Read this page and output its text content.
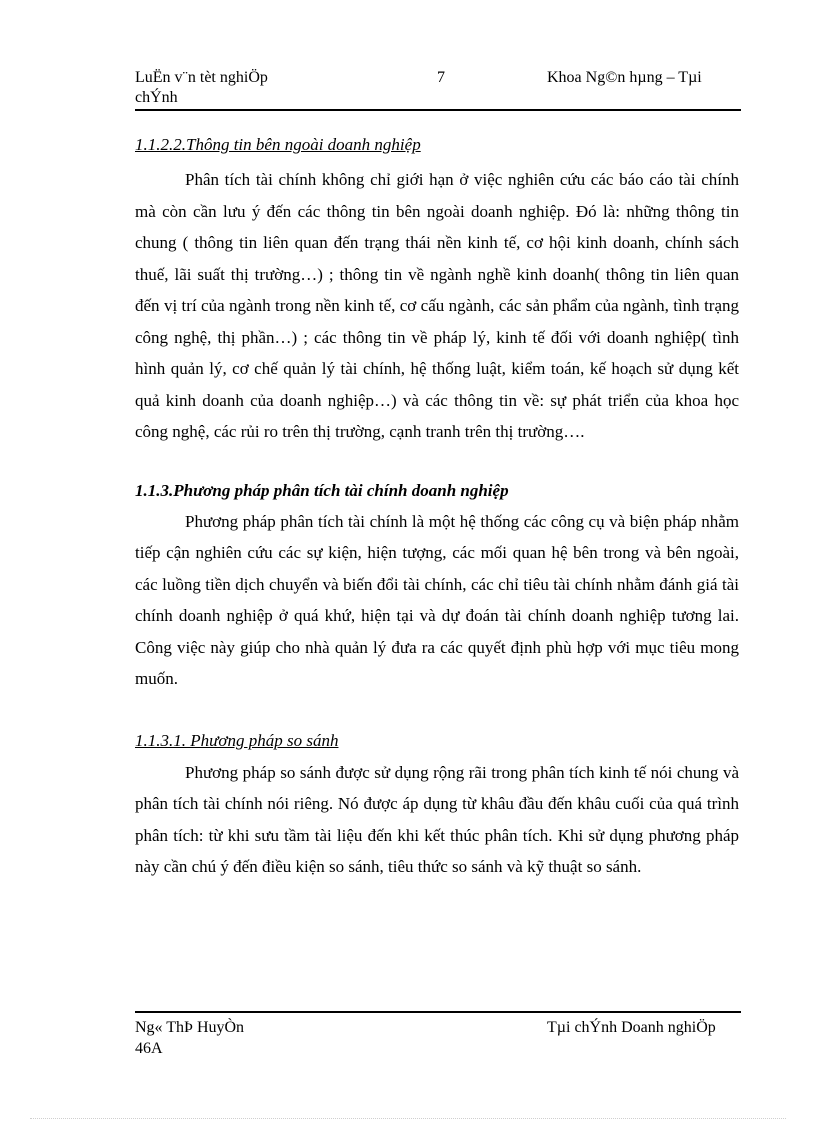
LuËn v¨n tèt nghiÖp
chÝnh
7	Khoa Ng©n hµng – Tµi
1.1.2.2.Thông tin bên ngoài doanh nghiệp

Phân tích tài chính không chỉ giới hạn ở việc nghiên cứu các báo cáo tài chính mà còn cần lưu ý đến các thông tin bên ngoài doanh nghiệp. Đó là: những thông tin chung ( thông tin liên quan đến trạng thái nền kinh tế, cơ hội kinh doanh, chính sách thuế, lãi suất thị trường…) ; thông tin về ngành nghề kinh doanh( thông tin liên quan đến vị trí của ngành trong nền kinh tế, cơ cấu ngành, các sản phẩm của ngành, tình trạng công nghệ, thị phần…) ; các thông tin về pháp lý, kinh tế đối với doanh nghiệp( tình hình quản lý, cơ chế quản lý tài chính, hệ thống luật, kiểm toán, kế hoạch sử dụng kết quả kinh doanh của doanh nghiệp…) và các thông tin về: sự phát triển của khoa học công nghệ, các rủi ro trên thị trường, cạnh tranh trên thị trường….

1.1.3.Phương pháp phân tích tài chính doanh nghiệp

Phương pháp phân tích tài chính là một hệ thống các công cụ và biện pháp nhằm tiếp cận nghiên cứu các sự kiện, hiện tượng, các mối quan hệ bên trong và bên ngoài, các luồng tiền dịch chuyển và biến đổi tài chính, các chỉ tiêu tài chính nhằm đánh giá tài chính doanh nghiệp ở quá khứ, hiện tại và dự đoán tài chính doanh nghiệp tương lai. Công việc này giúp cho nhà quản lý đưa ra các quyết định phù hợp với mục tiêu mong muốn.

1.1.3.1. Phương pháp so sánh

Phương pháp so sánh được sử dụng rộng rãi trong phân tích kinh tế nói chung và phân tích tài chính nói riêng. Nó được áp dụng từ khâu đầu đến khâu cuối của quá trình phân tích: từ khi sưu tầm tài liệu đến khi kết thúc phân tích. Khi sử dụng phương pháp này cần chú ý đến điều kiện so sánh, tiêu thức so sánh và kỹ thuật so sánh.

Ng« ThÞ HuyÒn
46A
Tµi chÝnh Doanh nghiÖp
